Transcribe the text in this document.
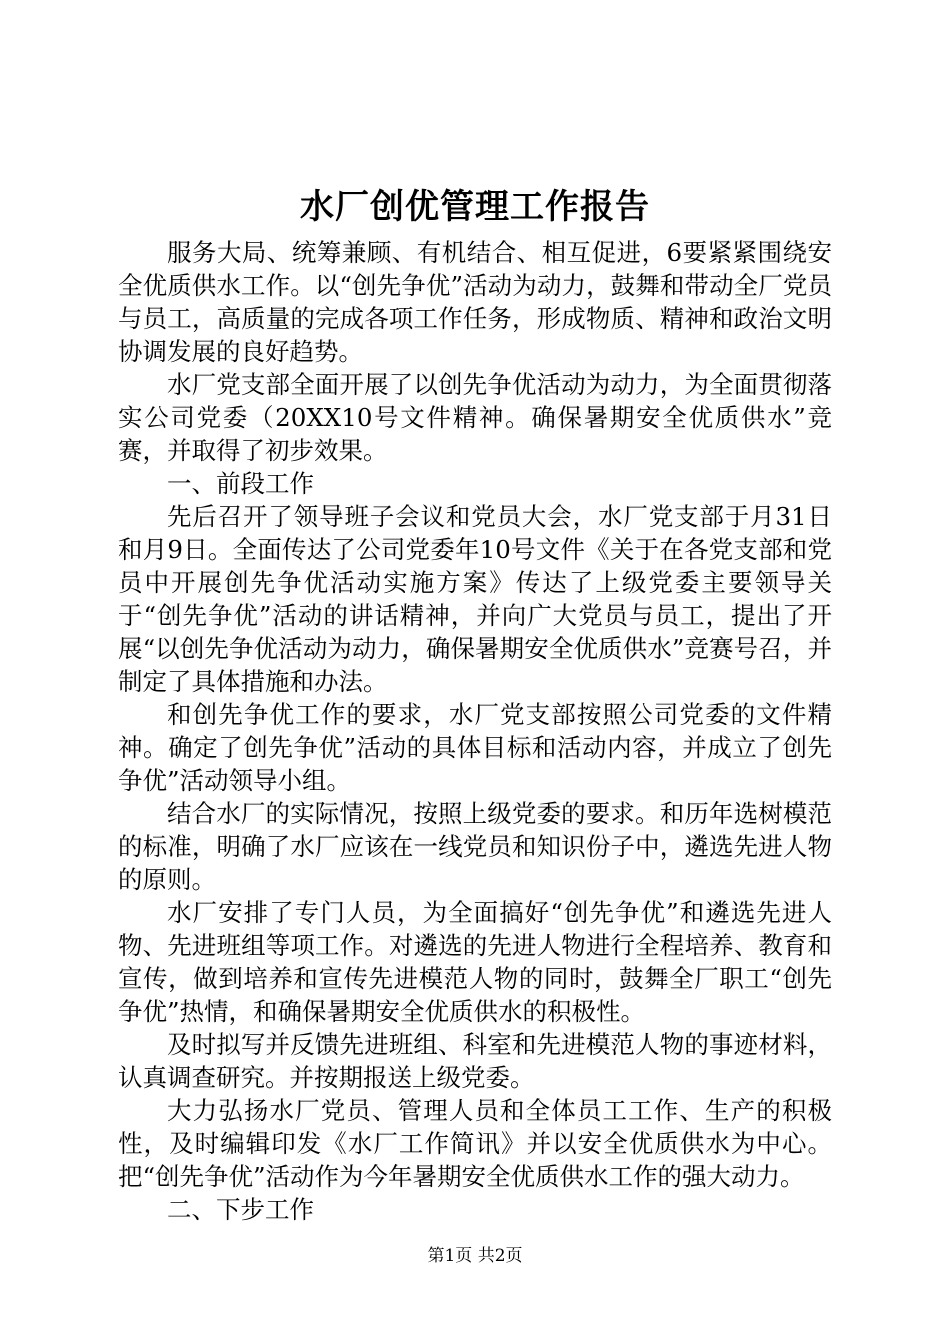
水厂创优管理工作报告

服务大局、统筹兼顾、有机结合、相互促进，6要紧紧围绕安全优质供水工作。以“创先争优”活动为动力，鼓舞和带动全厂党员与员工，高质量的完成各项工作任务，形成物质、精神和政治文明协调发展的良好趋势。

水厂党支部全面开展了以创先争优活动为动力，为全面贯彻落实公司党委（20XX10号文件精神。确保暑期安全优质供水”竞赛，并取得了初步效果。

一、前段工作

先后召开了领导班子会议和党员大会，水厂党支部于月31日和月9日。全面传达了公司党委年10号文件《关于在各党支部和党员中开展创先争优活动实施方案》传达了上级党委主要领导关于“创先争优”活动的讲话精神，并向广大党员与员工，提出了开展“以创先争优活动为动力，确保暑期安全优质供水”竞赛号召，并制定了具体措施和办法。

和创先争优工作的要求，水厂党支部按照公司党委的文件精神。确定了创先争优”活动的具体目标和活动内容，并成立了创先争优”活动领导小组。

结合水厂的实际情况，按照上级党委的要求。和历年选树模范的标准，明确了水厂应该在一线党员和知识份子中，遴选先进人物的原则。

水厂安排了专门人员，为全面搞好“创先争优”和遴选先进人物、先进班组等项工作。对遴选的先进人物进行全程培养、教育和宣传，做到培养和宣传先进模范人物的同时，鼓舞全厂职工“创先争优”热情，和确保暑期安全优质供水的积极性。

及时拟写并反馈先进班组、科室和先进模范人物的事迹材料，认真调查研究。并按期报送上级党委。

大力弘扬水厂党员、管理人员和全体员工工作、生产的积极性，及时编辑印发《水厂工作简讯》并以安全优质供水为中心。把“创先争优”活动作为今年暑期安全优质供水工作的强大动力。

二、下步工作

第1页 共2页
